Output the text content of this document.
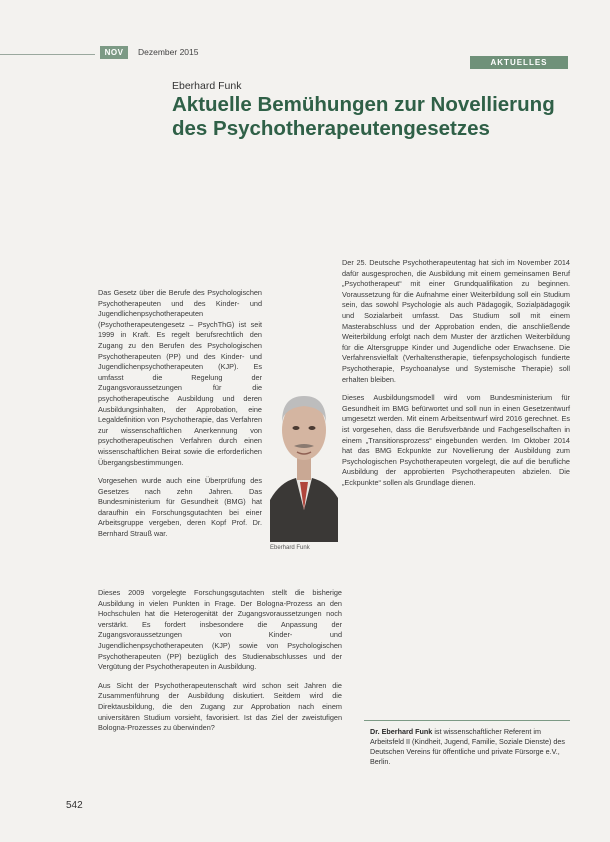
NOV	Dezember 2015
AKTUELLES
Eberhard Funk
Aktuelle Bemühungen zur Novellierung des Psychotherapeutengesetzes

Das Gesetz über die Berufe des Psychologischen Psychotherapeuten und des Kinder- und Jugendlichenpsychotherapeuten (Psychotherapeutengesetz – PsychThG) ist seit 1999 in Kraft. Es regelt berufsrechtlich den Zugang zu den Berufen des Psychologischen Psychotherapeuten (PP) und des Kinder- und Jugendlichenpsychotherapeuten (KJP). Es umfasst die Regelung der Zugangsvoraussetzungen für die psychotherapeutische Ausbildung und deren Ausbildungsinhalten, der Approbation, eine Legaldefinition von Psychotherapie, das Verfahren zur wissenschaftlichen Anerkennung von psychotherapeutischen Verfahren durch einen wissenschaftlichen Beirat sowie die erforderlichen Übergangsbestimmungen.

Vorgesehen wurde auch eine Überprüfung des Gesetzes nach zehn Jahren. Das Bundesministerium für Gesundheit (BMG) hat daraufhin ein Forschungsgutachten bei einer Arbeitsgruppe vergeben, deren Kopf Prof. Dr. Bernhard Strauß war.

Dieses 2009 vorgelegte Forschungsgutachten stellt die bisherige Ausbildung in vielen Punkten in Frage. Der Bologna-Prozess an den Hochschulen hat die Heterogenität der Zugangsvoraussetzungen noch verstärkt. Es fordert insbesondere die Anpassung der Zugangsvoraussetzungen von Kinder- und Jugendlichenpsychotherapeuten (KJP) sowie von Psychologischen Psychotherapeuten (PP) bezüglich des Studienabschlusses und der Vergütung der Psychotherapeuten in Ausbildung.

Aus Sicht der Psychotherapeutenschaft wird schon seit Jahren die Zusammenführung der Ausbildung diskutiert. Seitdem wird die Direktausbildung, die den Zugang zur Approbation nach einem universitären Studium vorsieht, favorisiert. Ist das Ziel der zweistufigen Bologna-Prozesses zu überwinden?

Eberhard Funk

Der 25. Deutsche Psychotherapeutentag hat sich im November 2014 dafür ausgesprochen, die Ausbildung mit einem gemeinsamen Beruf „Psychotherapeut“ mit einer Grundqualifikation zu beginnen. Voraussetzung für die Aufnahme einer Weiterbildung soll ein Studium sein, das sowohl Psychologie als auch Pädagogik, Sozialpädagogik und Sozialarbeit umfasst. Das Studium soll mit einem Masterabschluss und der Approbation enden, die anschließende Weiterbildung erfolgt nach dem Muster der ärztlichen Weiterbildung für die Altersgruppe Kinder und Jugendliche oder Erwachsene. Die Verfahrensvielfalt (Verhaltenstherapie, tiefenpsychologisch fundierte Psychotherapie, Psychoanalyse und Systemische Therapie) soll erhalten bleiben.

Dieses Ausbildungsmodell wird vom Bundesministerium für Gesundheit im BMG befürwortet und soll nun in einen Gesetzentwurf umgesetzt werden. Mit einem Arbeitsentwurf wird 2016 gerechnet. Es ist vorgesehen, dass die Berufsverbände und Fachgesellschaften in einem „Transitionsprozess“ eingebunden werden. Im Oktober 2014 hat das BMG Eckpunkte zur Novellierung der Ausbildung zum Psychologischen Psychotherapeuten vorgelegt, die auf die berufliche Ausbildung der approbierten Psychotherapeuten abzielen. Die „Eckpunkte“ sollen als Grundlage dienen.

Dr. Eberhard Funk ist wissenschaftlicher Referent im Arbeitsfeld II (Kindheit, Jugend, Familie, Soziale Dienste) des Deutschen Vereins für öffentliche und private Fürsorge e.V., Berlin.
542
